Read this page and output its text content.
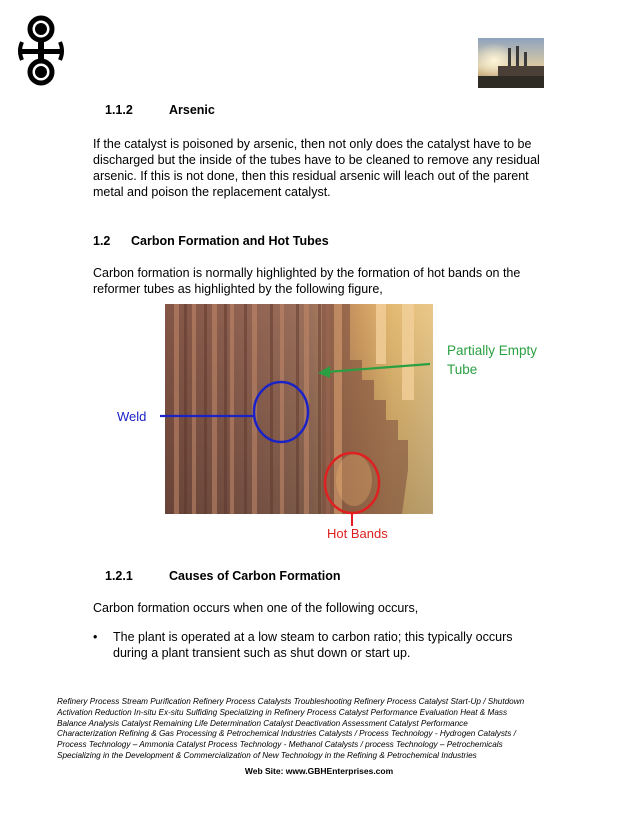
1.1.2	Arsenic
If the catalyst is poisoned by arsenic, then not only does the catalyst have to be
discharged but the inside of the tubes have to be cleaned to remove any residual
arsenic. If this is not done, then this residual arsenic will leach out of the parent
metal and poison the replacement catalyst.
1.2 Carbon Formation and Hot Tubes
Carbon formation is normally highlighted by the formation of hot bands on the
reformer tubes as highlighted by the following figure,
Weld
Partially Empty
Tube
Hot Bands
1.2.1	Causes of Carbon Formation
Carbon formation occurs when one of the following occurs,
• The plant is operated at a low steam to carbon ratio; this typically occurs
during a plant transient such as shut down or start up.
Refinery Process Stream Purification Refinery Process Catalysts Troubleshooting Refinery Process Catalyst Start-Up / Shutdown
Activation Reduction In-situ Ex-situ Sulfiding Specializing in Refinery Process Catalyst Performance Evaluation Heat & Mass
Balance Analysis Catalyst Remaining Life Determination Catalyst Deactivation Assessment Catalyst Performance
Characterization Refining & Gas Processing & Petrochemical Industries Catalysts / Process Technology - Hydrogen Catalysts /
Process Technology – Ammonia Catalyst Process Technology - Methanol Catalysts / process Technology – Petrochemicals
Specializing in the Development & Commercialization of New Technology in the Refining & Petrochemical Industries
Web Site: www.GBHEnterprises.com
